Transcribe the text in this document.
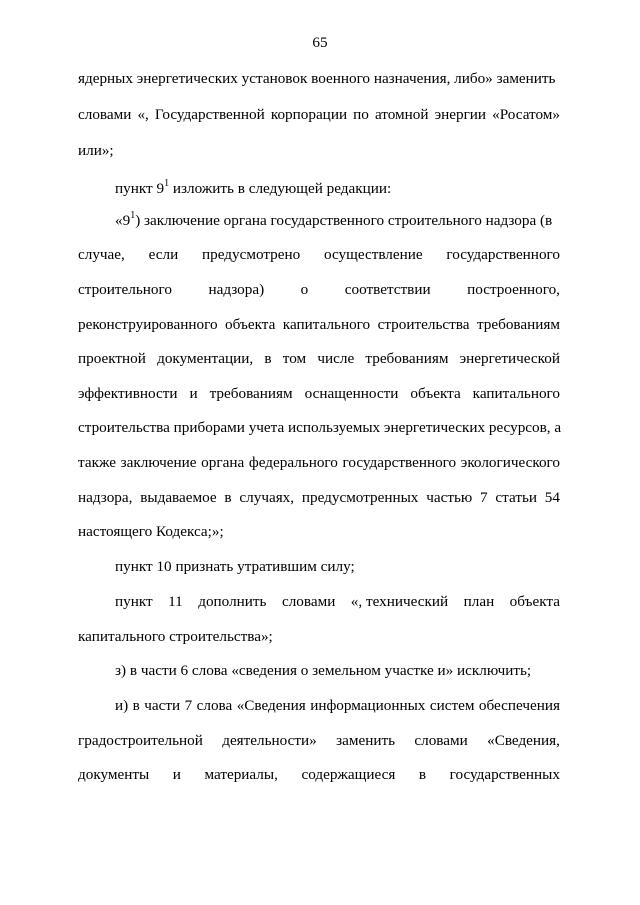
65
ядерных энергетических установок военного назначения, либо» заменить
словами «, Государственной корпорации по атомной энергии «Росатом»
или»;
пункт $9^1$ изложить в следующей редакции:
«$9^1$) заключение органа государственного строительного надзора (в
случае, если предусмотрено осуществление государственного
строительного надзора) о соответствии построенного,
реконструированного объекта капитального строительства требованиям
проектной документации, в том числе требованиям энергетической
эффективности и требованиям оснащенности объекта капитального
строительства приборами учета используемых энергетических ресурсов, а
также заключение органа федерального государственного экологического
надзора, выдаваемое в случаях, предусмотренных частью 7 статьи 54
настоящего Кодекса;»;
пункт 10 признать утратившим силу;
пункт 11 дополнить словами «, технический план объекта
капитального строительства»;
з) в части 6 слова «сведения о земельном участке и» исключить;
и) в части 7 слова «Сведения информационных систем обеспечения
градостроительной деятельности» заменить словами «Сведения,
документы и материалы, содержащиеся в государственных
